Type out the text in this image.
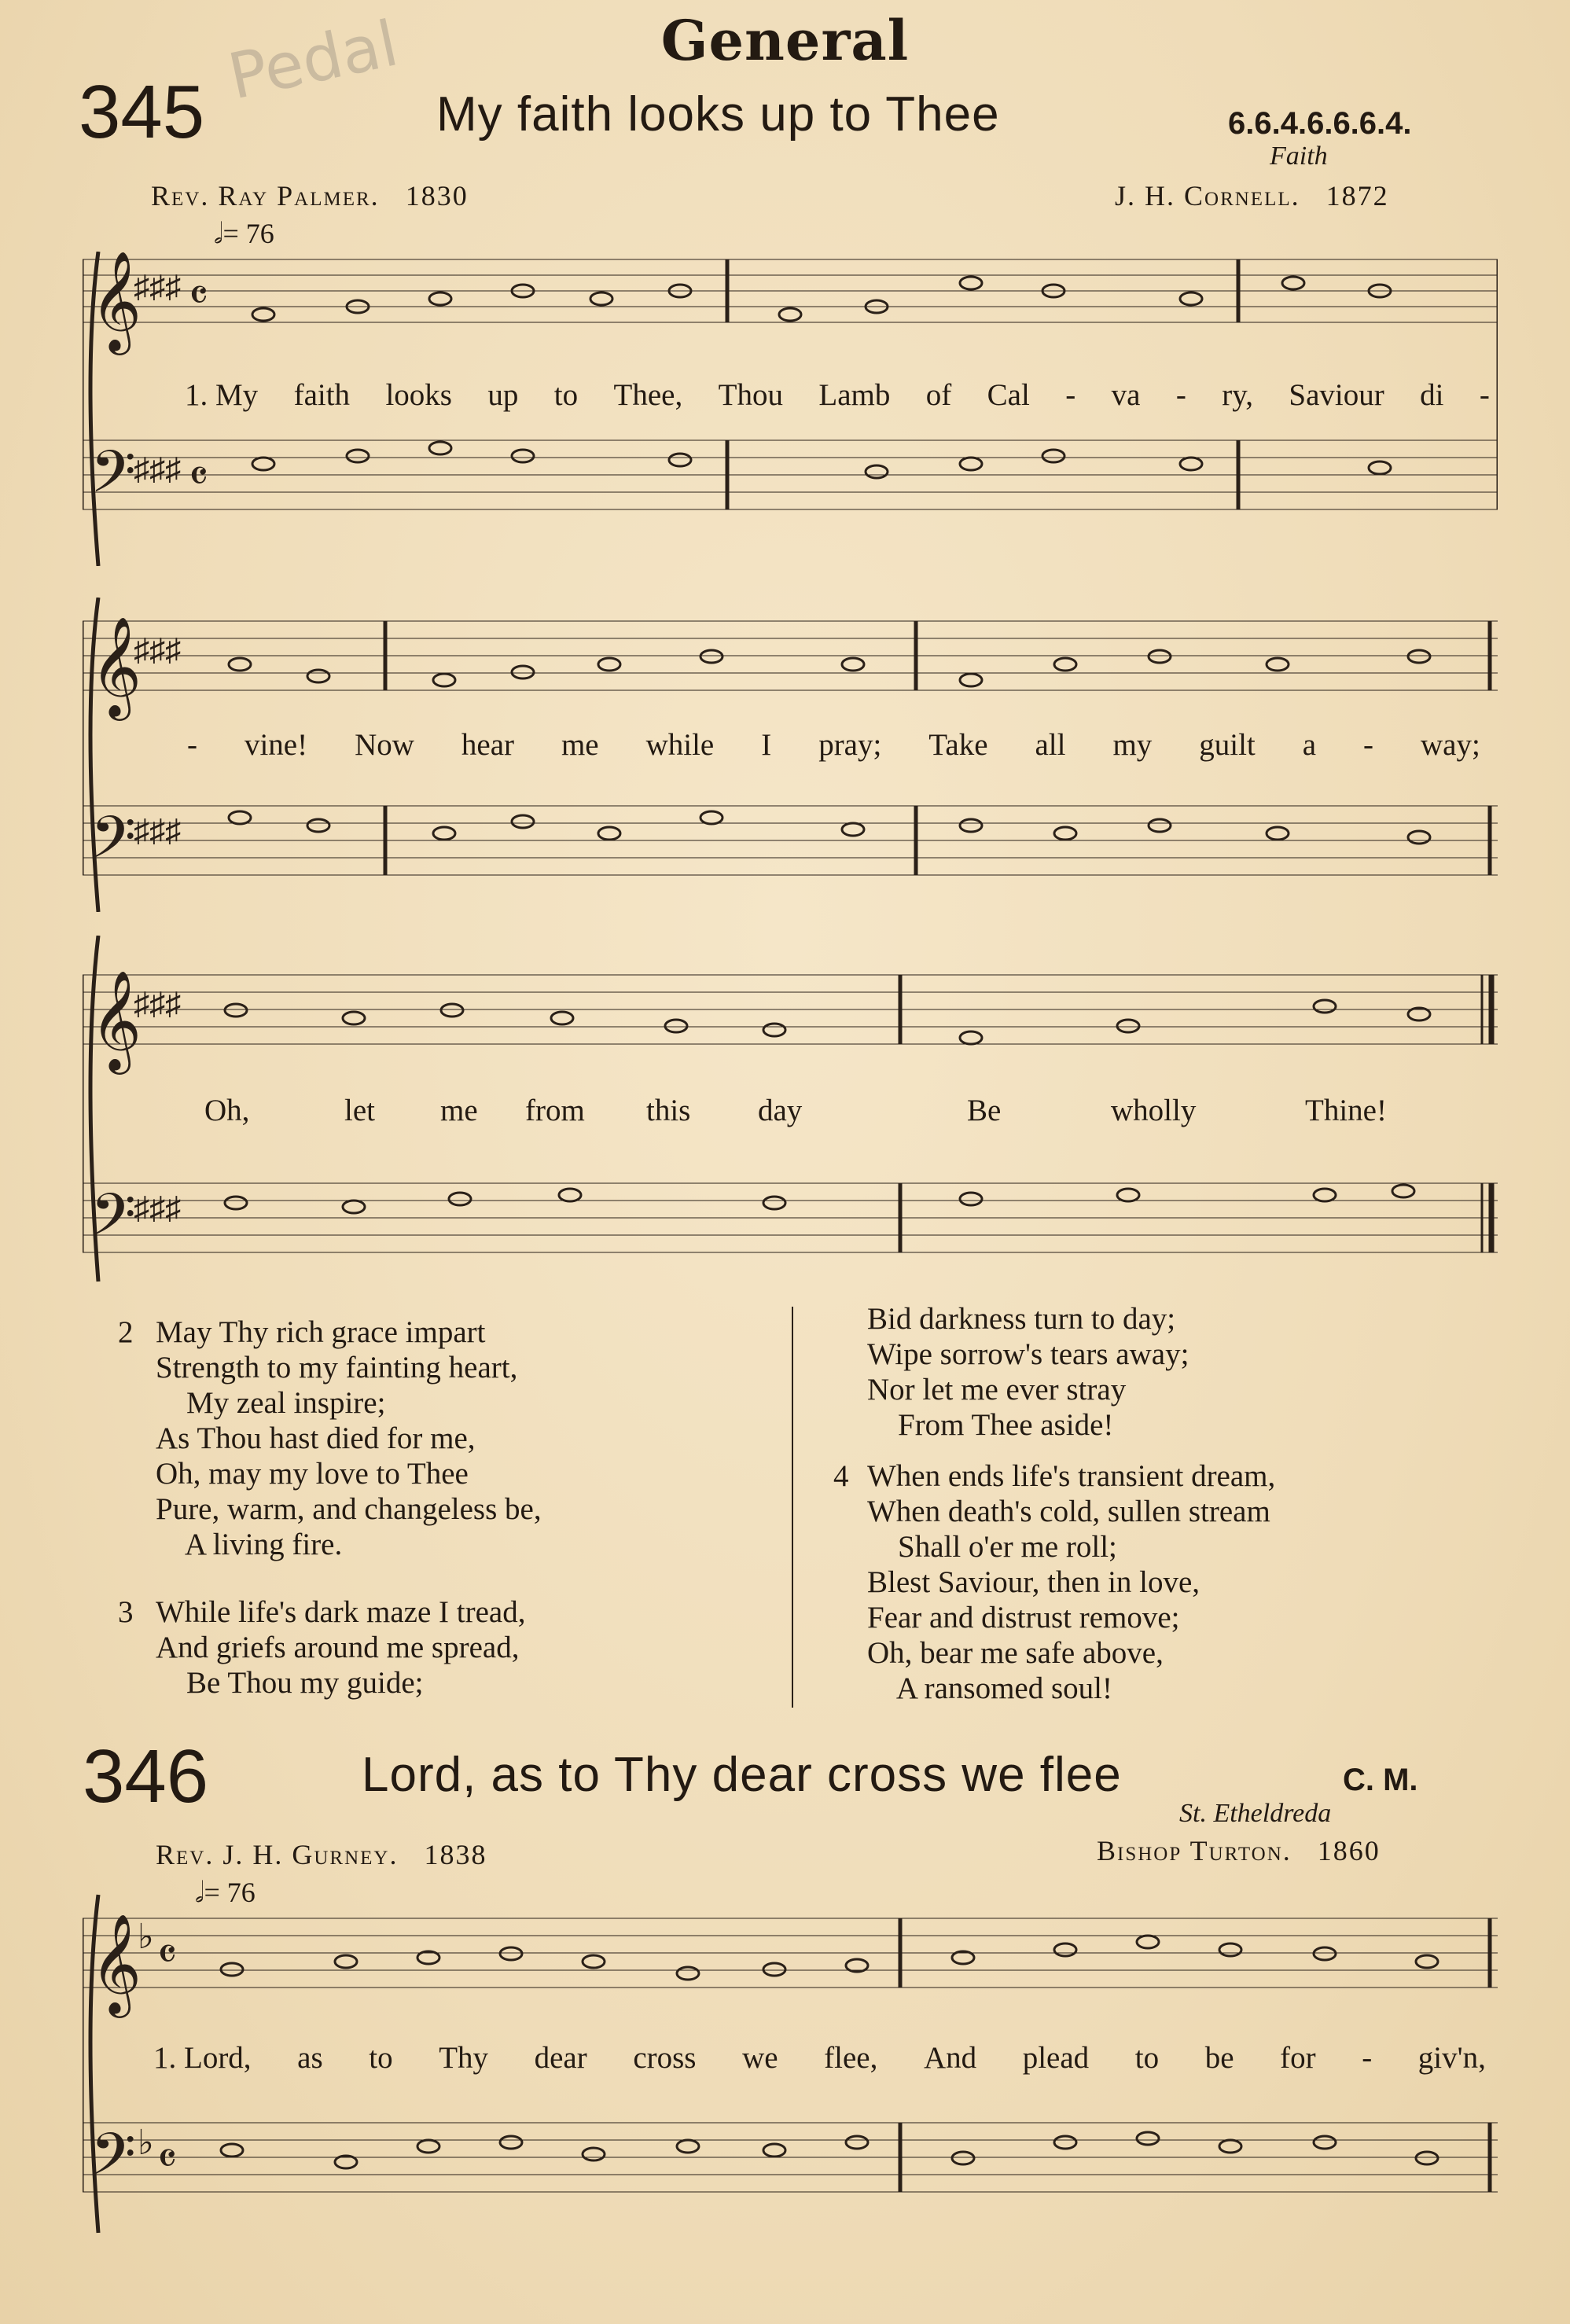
General
Pedal
345	My faith looks up to Thee	6.6.4.6.6.6.4.
Faith
Rev. Ray Palmer. 1830	J. H. Cornell. 1872
𝅗𝅥= 76
𝄞
𝄢
♯♯♯
♯♯♯
𝄴
𝄴
1. My faith looks up to Thee, Thou Lamb of Cal - va - ry, Saviour di -
𝄞
𝄢
♯♯♯
♯♯♯
- vine! Now hear me while I pray; Take all my guilt a - way;
𝄞
𝄢
♯♯♯
♯♯♯
Oh,	let me from this day	Be	wholly	Thine!
2 May Thy rich grace impart
Strength to my fainting heart,
My zeal inspire;
As Thou hast died for me,
Oh, may my love to Thee
Pure, warm, and changeless be,
A living fire.
3 While life's dark maze I tread,
And griefs around me spread,
Be Thou my guide;
Bid darkness turn to day;
Wipe sorrow's tears away;
Nor let me ever stray
From Thee aside!
4 When ends life's transient dream,
When death's cold, sullen stream
Shall o'er me roll;
Blest Saviour, then in love,
Fear and distrust remove;
Oh, bear me safe above,
A ransomed soul!
346	Lord, as to Thy dear cross we flee	C. M.
St. Etheldreda
Rev. J. H. Gurney. 1838	Bishop Turton. 1860
𝅗𝅥= 76
𝄞
𝄢
♭
♭
𝄴
𝄴
1. Lord, as to Thy dear cross we flee, And plead to be for - giv'n,
